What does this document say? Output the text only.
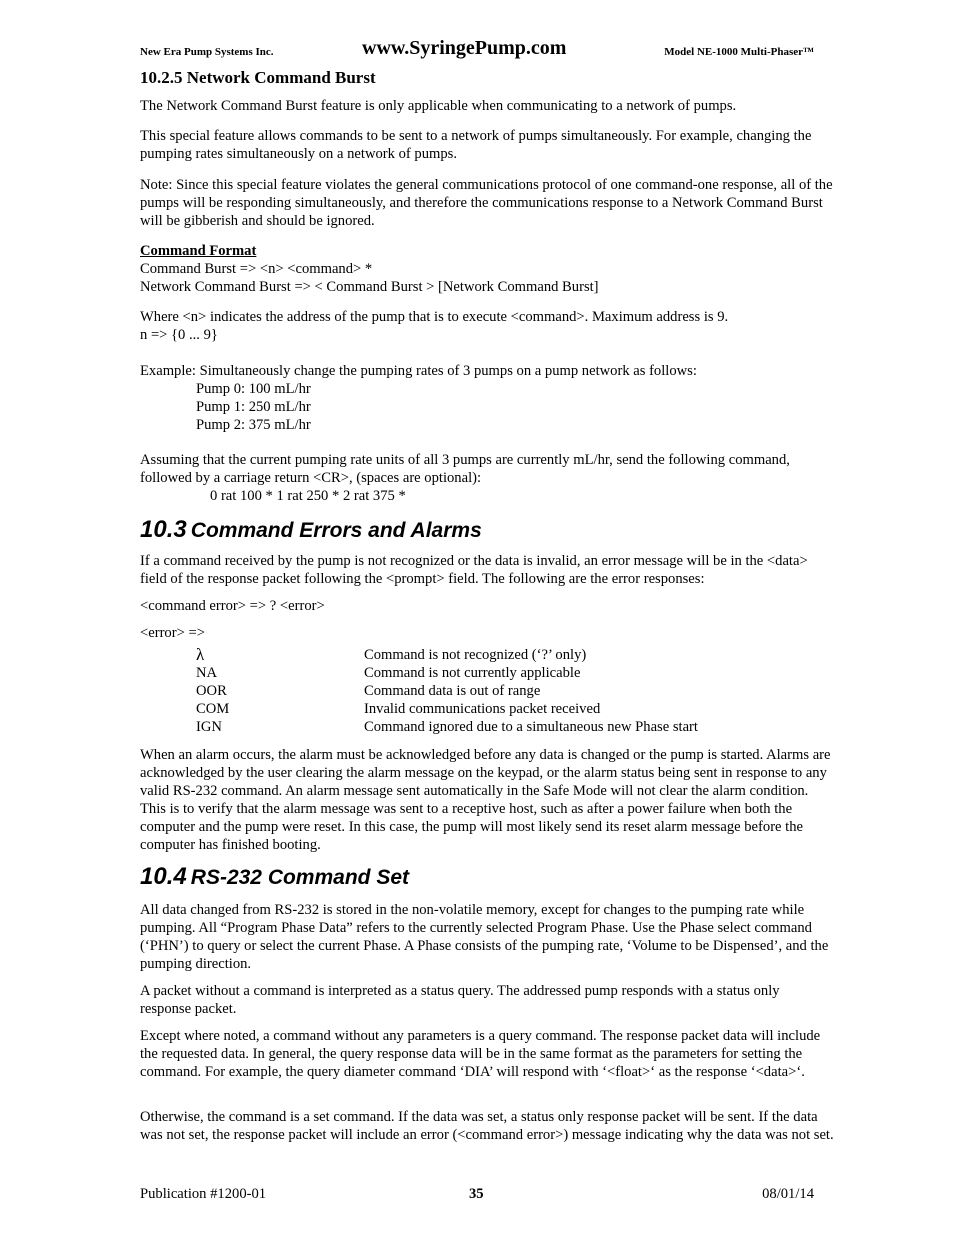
New Era Pump Systems Inc.	www.SyringePump.com	Model NE-1000 Multi-Phaser™

10.2.5 Network Command Burst

The Network Command Burst feature is only applicable when communicating to a network of pumps.

This special feature allows commands to be sent to a network of pumps simultaneously. For example, changing the pumping rates simultaneously on a network of pumps.

Note: Since this special feature violates the general communications protocol of one command-one response, all of the pumps will be responding simultaneously, and therefore the communications response to a Network Command Burst will be gibberish and should be ignored.

Command Format

Command Burst => <n> <command> *

Network Command Burst => < Command Burst > [Network Command Burst]

Where <n> indicates the address of the pump that is to execute <command>. Maximum address is 9.

n => {0 ... 9}

Example: Simultaneously change the pumping rates of 3 pumps on a pump network as follows:

Pump 0: 100 mL/hr

Pump 1: 250 mL/hr

Pump 2: 375 mL/hr

Assuming that the current pumping rate units of all 3 pumps are currently mL/hr, send the following command, followed by a carriage return <CR>, (spaces are optional):

0 rat 100 * 1 rat 250 * 2 rat 375 *

10.3 Command Errors and Alarms

If a command received by the pump is not recognized or the data is invalid, an error message will be in the <data> field of the response packet following the <prompt> field. The following are the error responses:

<command error> => ? <error>

<error> =>

λ	Command is not recognized (‘?’ only)
NA	Command is not currently applicable
OOR	Command data is out of range
COM	Invalid communications packet received
IGN	Command ignored due to a simultaneous new Phase start

When an alarm occurs, the alarm must be acknowledged before any data is changed or the pump is started. Alarms are acknowledged by the user clearing the alarm message on the keypad, or the alarm status being sent in response to any valid RS-232 command. An alarm message sent automatically in the Safe Mode will not clear the alarm condition. This is to verify that the alarm message was sent to a receptive host, such as after a power failure when both the computer and the pump were reset. In this case, the pump will most likely send its reset alarm message before the computer has finished booting.

10.4 RS-232 Command Set

All data changed from RS-232 is stored in the non-volatile memory, except for changes to the pumping rate while pumping. All “Program Phase Data” refers to the currently selected Program Phase. Use the Phase select command (‘PHN’) to query or select the current Phase. A Phase consists of the pumping rate, ‘Volume to be Dispensed’, and the pumping direction.

A packet without a command is interpreted as a status query. The addressed pump responds with a status only response packet.

Except where noted, a command without any parameters is a query command. The response packet data will include the requested data. In general, the query response data will be in the same format as the parameters for setting the command. For example, the query diameter command ‘DIA’ will respond with ‘<float>‘ as the response ‘<data>‘.

Otherwise, the command is a set command. If the data was set, a status only response packet will be sent. If the data was not set, the response packet will include an error (<command error>) message indicating why the data was not set.

Publication #1200-01	35	08/01/14
